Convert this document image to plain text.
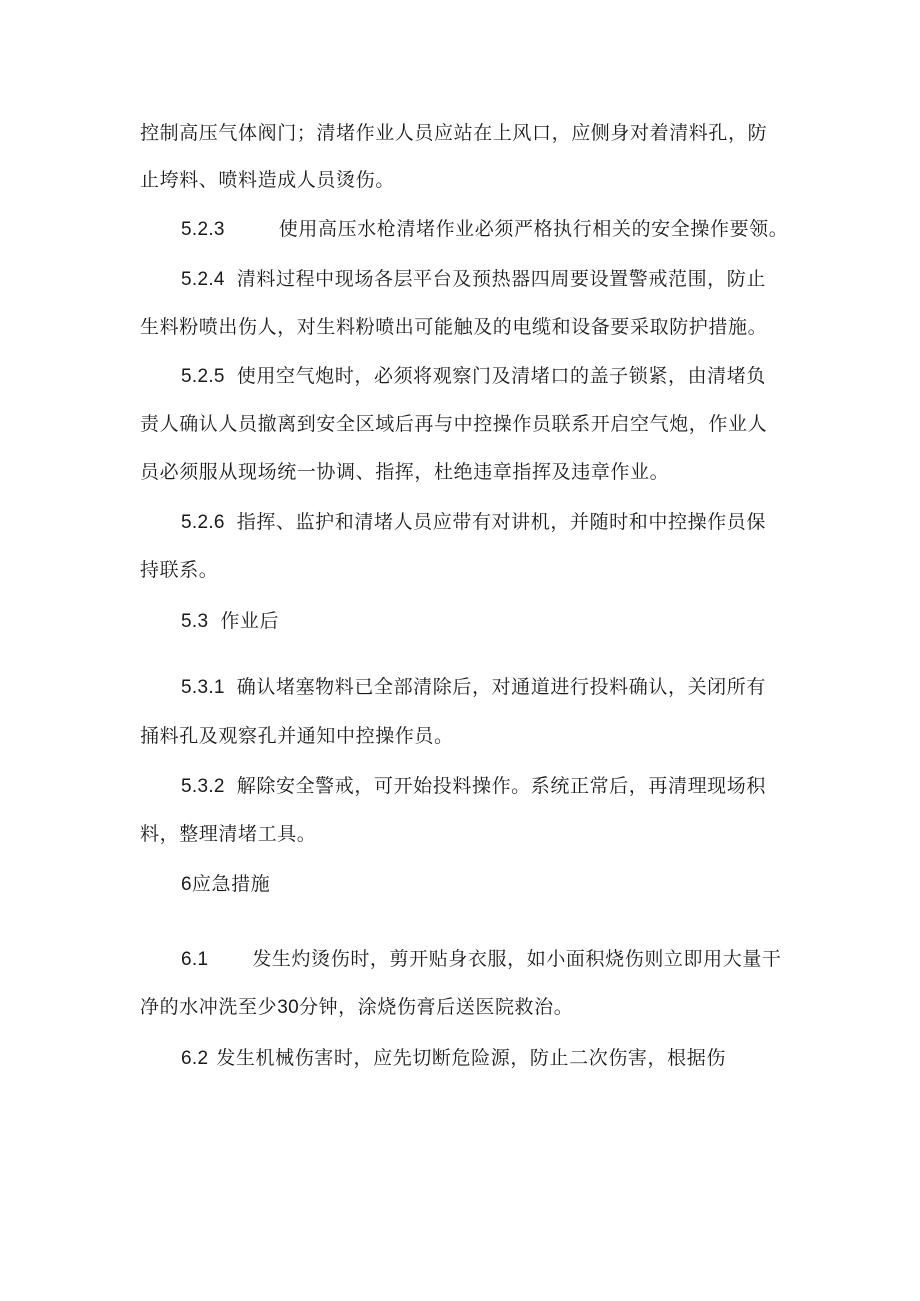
控制高压气体阀门；清堵作业人员应站在上风口，应侧身对着清料孔，防
止垮料、喷料造成人员烫伤。
5.2.3	使用高压水枪清堵作业必须严格执行相关的安全操作要领。
5.2.4 清料过程中现场各层平台及预热器四周要设置警戒范围，防止
生料粉喷出伤人，对生料粉喷出可能触及的电缆和设备要采取防护措施。
5.2.5 使用空气炮时，必须将观察门及清堵口的盖子锁紧，由清堵负
责人确认人员撤离到安全区域后再与中控操作员联系开启空气炮，作业人
员必须服从现场统一协调、指挥，杜绝违章指挥及违章作业。
5.2.6 指挥、监护和清堵人员应带有对讲机，并随时和中控操作员保
持联系。
5.3 作业后
5.3.1 确认堵塞物料已全部清除后，对通道进行投料确认，关闭所有
捅料孔及观察孔并通知中控操作员。
5.3.2 解除安全警戒，可开始投料操作。系统正常后，再清理现场积
料，整理清堵工具。
6应急措施
6.1 发生灼烫伤时，剪开贴身衣服，如小面积烧伤则立即用大量干
净的水冲洗至少30分钟，涂烧伤膏后送医院救治。
6.2 发生机械伤害时，应先切断危险源，防止二次伤害，根据伤
